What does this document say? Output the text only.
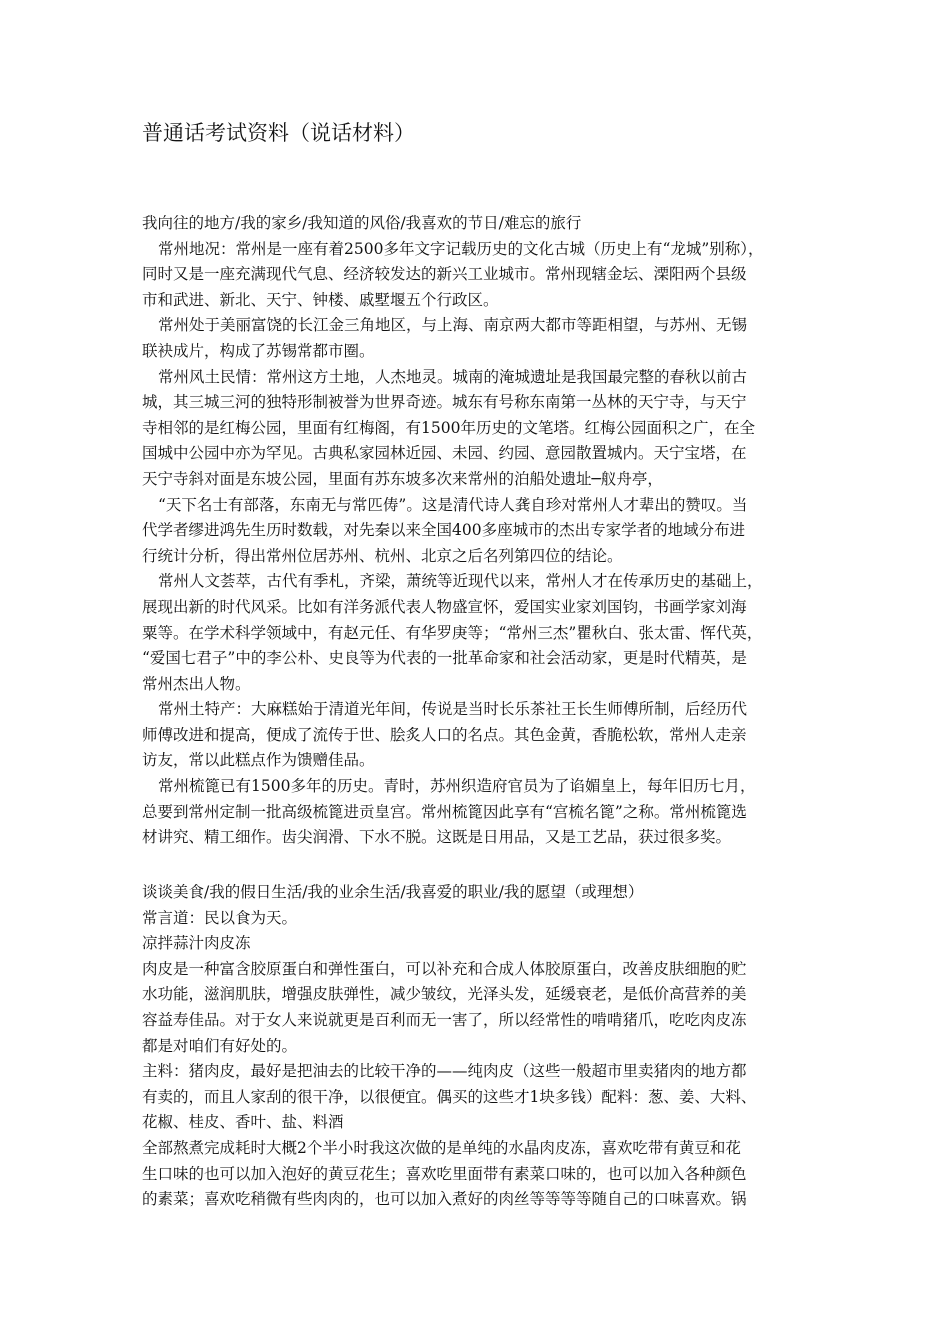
普通话考试资料（说话材料）

我向往的地方/我的家乡/我知道的风俗/我喜欢的节日/难忘的旅行

常州地况：常州是一座有着2500多年文字记载历史的文化古城（历史上有“龙城”别称），

同时又是一座充满现代气息、经济较发达的新兴工业城市。常州现辖金坛、溧阳两个县级

市和武进、新北、天宁、钟楼、戚墅堰五个行政区。

常州处于美丽富饶的长江金三角地区，与上海、南京两大都市等距相望，与苏州、无锡

联袂成片，构成了苏锡常都市圈。

常州风土民情：常州这方土地，人杰地灵。城南的淹城遗址是我国最完整的春秋以前古

城，其三城三河的独特形制被誉为世界奇迹。城东有号称东南第一丛林的天宁寺，与天宁

寺相邻的是红梅公园，里面有红梅阁，有1500年历史的文笔塔。红梅公园面积之广，在全

国城中公园中亦为罕见。古典私家园林近园、未园、约园、意园散置城内。天宁宝塔，在

天宁寺斜对面是东坡公园，里面有苏东坡多次来常州的泊船处遗址─舣舟亭，

“天下名士有部落，东南无与常匹俦”。这是清代诗人龚自珍对常州人才辈出的赞叹。当

代学者缪进鸿先生历时数载，对先秦以来全国400多座城市的杰出专家学者的地域分布进

行统计分析，得出常州位居苏州、杭州、北京之后名列第四位的结论。

常州人文荟萃，古代有季札，齐梁，萧统等近现代以来，常州人才在传承历史的基础上，

展现出新的时代风采。比如有洋务派代表人物盛宣怀，爱国实业家刘国钧，书画学家刘海

粟等。在学术科学领域中，有赵元任、有华罗庚等；“常州三杰”瞿秋白、张太雷、恽代英，

“爱国七君子”中的李公朴、史良等为代表的一批革命家和社会活动家，更是时代精英，是

常州杰出人物。

常州土特产：大麻糕始于清道光年间，传说是当时长乐茶社王长生师傅所制，后经历代

师傅改进和提高，便成了流传于世、脍炙人口的名点。其色金黄，香脆松软，常州人走亲

访友，常以此糕点作为馈赠佳品。

常州梳篦已有1500多年的历史。青时，苏州织造府官员为了谄媚皇上，每年旧历七月，

总要到常州定制一批高级梳篦进贡皇宫。常州梳篦因此享有“宫梳名篦”之称。常州梳篦选

材讲究、精工细作。齿尖润滑、下水不脱。这既是日用品，又是工艺品，获过很多奖。

谈谈美食/我的假日生活/我的业余生活/我喜爱的职业/我的愿望（或理想）

常言道：民以食为天。

凉拌蒜汁肉皮冻

肉皮是一种富含胶原蛋白和弹性蛋白，可以补充和合成人体胶原蛋白，改善皮肤细胞的贮

水功能，滋润肌肤，增强皮肤弹性，减少皱纹，光泽头发，延缓衰老，是低价高营养的美

容益寿佳品。对于女人来说就更是百利而无一害了，所以经常性的啃啃猪爪，吃吃肉皮冻

都是对咱们有好处的。

主料：猪肉皮，最好是把油去的比较干净的——纯肉皮（这些一般超市里卖猪肉的地方都

有卖的，而且人家刮的很干净，以很便宜。偶买的这些才1块多钱）配料：葱、姜、大料、

花椒、桂皮、香叶、盐、料酒

全部熬煮完成耗时大概2个半小时我这次做的是单纯的水晶肉皮冻，喜欢吃带有黄豆和花

生口味的也可以加入泡好的黄豆花生；喜欢吃里面带有素菜口味的，也可以加入各种颜色

的素菜；喜欢吃稍微有些肉肉的，也可以加入煮好的肉丝等等等等随自己的口味喜欢。锅
